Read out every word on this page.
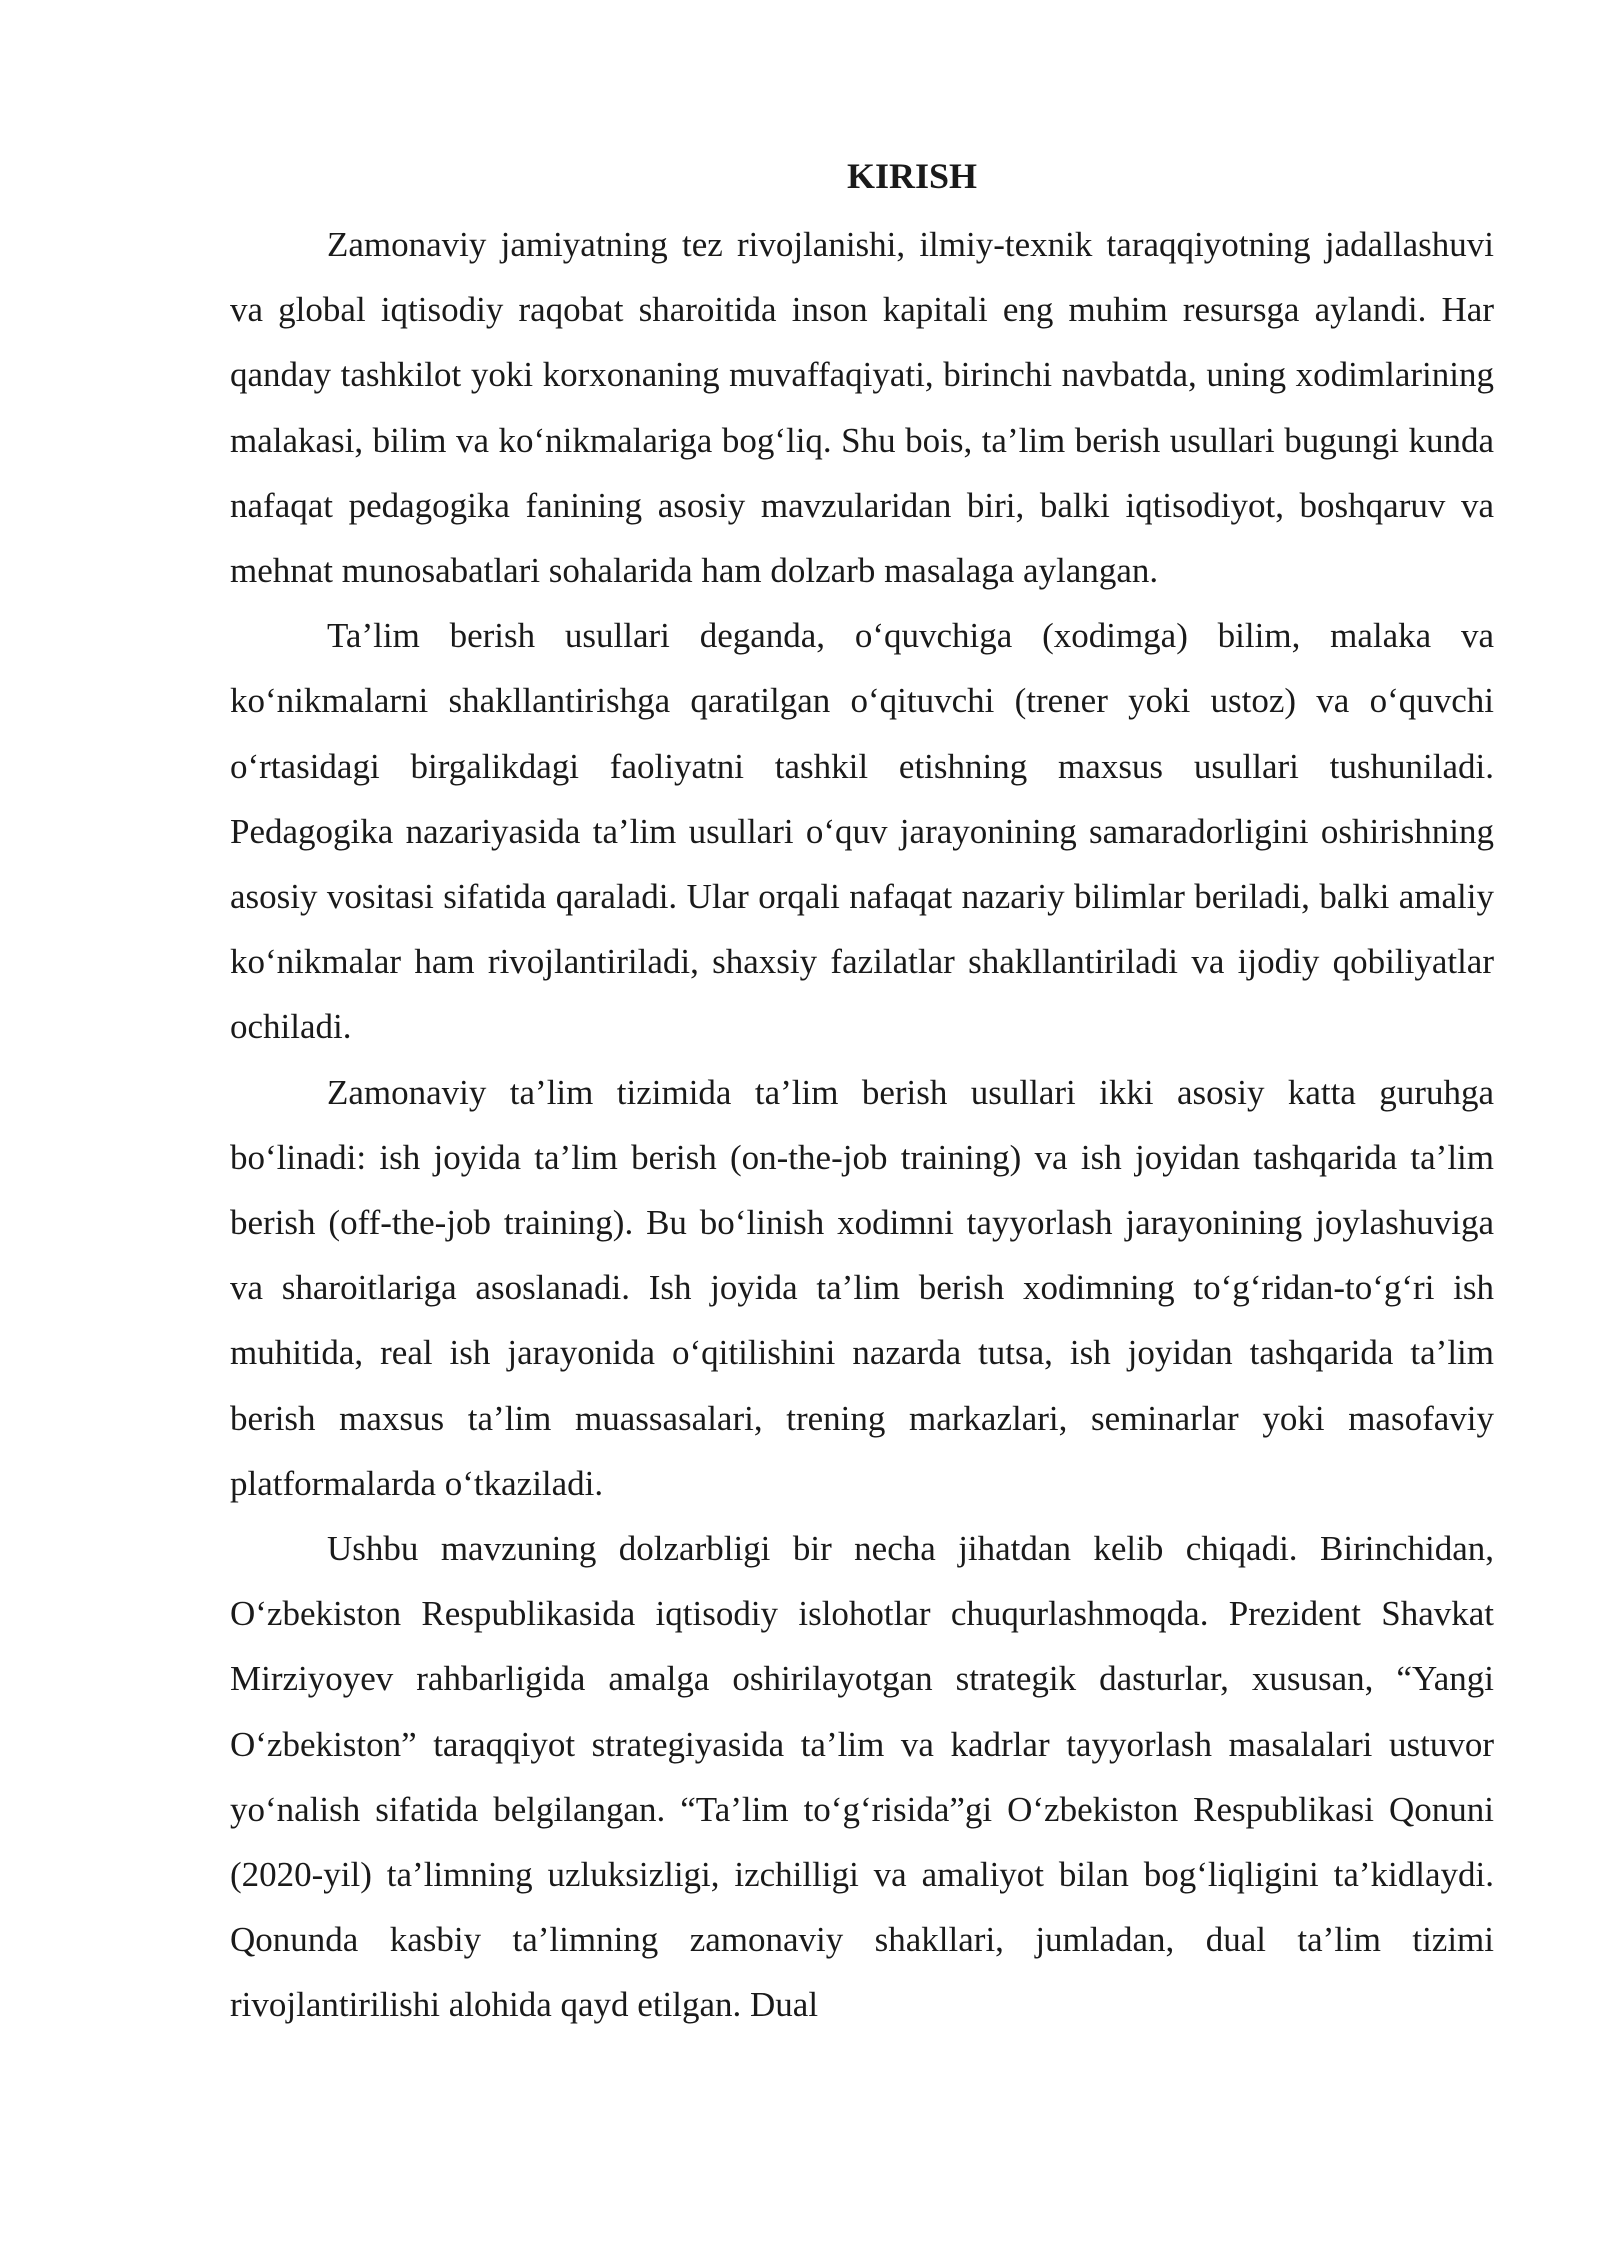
KIRISH

Zamonaviy jamiyatning tez rivojlanishi, ilmiy-texnik taraqqiyotning jadallashuvi va global iqtisodiy raqobat sharoitida inson kapitali eng muhim resursga aylandi. Har qanday tashkilot yoki korxonaning muvaffaqiyati, birinchi navbatda, uning xodimlarining malakasi, bilim va ko‘nikmalariga bog‘liq. Shu bois, ta’lim berish usullari bugungi kunda nafaqat pedagogika fanining asosiy mavzularidan biri, balki iqtisodiyot, boshqaruv va mehnat munosabatlari sohalarida ham dolzarb masalaga aylangan.

Ta’lim berish usullari deganda, o‘quvchiga (xodimga) bilim, malaka va ko‘nikmalarni shakllantirishga qaratilgan o‘qituvchi (trener yoki ustoz) va o‘quvchi o‘rtasidagi birgalikdagi faoliyatni tashkil etishning maxsus usullari tushuniladi. Pedagogika nazariyasida ta’lim usullari o‘quv jarayonining samaradorligini oshirishning asosiy vositasi sifatida qaraladi. Ular orqali nafaqat nazariy bilimlar beriladi, balki amaliy ko‘nikmalar ham rivojlantiriladi, shaxsiy fazilatlar shakllantiriladi va ijodiy qobiliyatlar ochiladi.

Zamonaviy ta’lim tizimida ta’lim berish usullari ikki asosiy katta guruhga bo‘linadi: ish joyida ta’lim berish (on-the-job training) va ish joyidan tashqarida ta’lim berish (off-the-job training). Bu bo‘linish xodimni tayyorlash jarayonining joylashuviga va sharoitlariga asoslanadi. Ish joyida ta’lim berish xodimning to‘g‘ridan-to‘g‘ri ish muhitida, real ish jarayonida o‘qitilishini nazarda tutsa, ish joyidan tashqarida ta’lim berish maxsus ta’lim muassasalari, trening markazlari, seminarlar yoki masofaviy platformalarda o‘tkaziladi.

Ushbu mavzuning dolzarbligi bir necha jihatdan kelib chiqadi. Birinchidan, O‘zbekiston Respublikasida iqtisodiy islohotlar chuqurlashmoqda. Prezident Shavkat Mirziyoyev rahbarligida amalga oshirilayotgan strategik dasturlar, xususan, “Yangi O‘zbekiston” taraqqiyot strategiyasida ta’lim va kadrlar tayyorlash masalalari ustuvor yo‘nalish sifatida belgilangan. “Ta’lim to‘g‘risida”gi O‘zbekiston Respublikasi Qonuni (2020-yil) ta’limning uzluksizligi, izchilligi va amaliyot bilan bog‘liqligini ta’kidlaydi. Qonunda kasbiy ta’limning zamonaviy shakllari, jumladan, dual ta’lim tizimi rivojlantirilishi alohida qayd etilgan. Dual
